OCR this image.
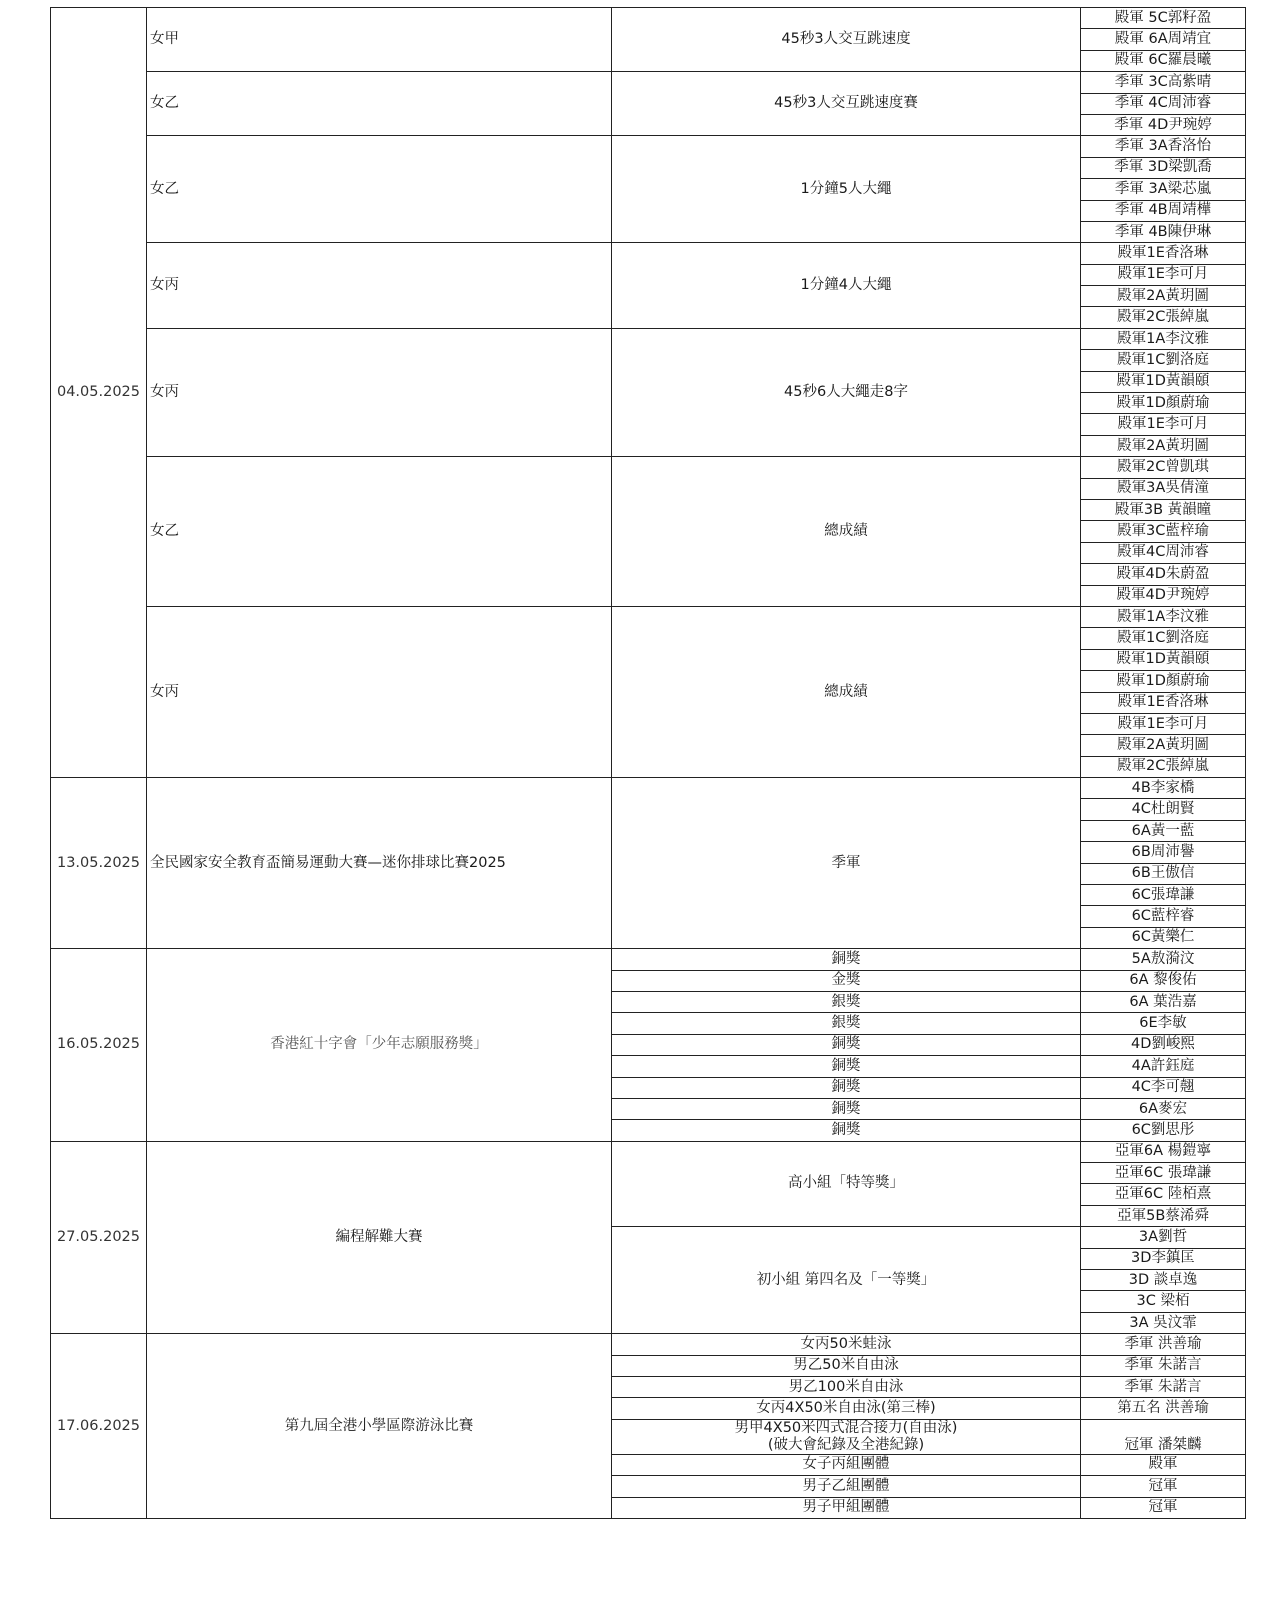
04.05.2025	女甲	45秒3人交互跳速度	殿軍 5C郭籽盈
			殿軍 6A周靖宜
			殿軍 6C羅晨曦
	女乙	45秒3人交互跳速度賽	季軍 3C高紫晴
			季軍 4C周沛睿
			季軍 4D尹琬婷
	女乙	1分鐘5人大繩	季軍 3A香洛怡
			季軍 3D梁凱喬
			季軍 3A梁芯嵐
			季軍 4B周靖樺
			季軍 4B陳伊琳
	女丙	1分鐘4人大繩	殿軍1E香洛琳
			殿軍1E李可月
			殿軍2A黃玥圖
			殿軍2C張綽嵐
	女丙	45秒6人大繩走8字	殿軍1A李汶雅
			殿軍1C劉洛庭
			殿軍1D黃韻頤
			殿軍1D顏蔚瑜
			殿軍1E李可月
			殿軍2A黃玥圖
	女乙	總成績	殿軍2C曾凱琪
			殿軍3A吳倩潼
			殿軍3B 黃韻曈
			殿軍3C藍梓瑜
			殿軍4C周沛睿
			殿軍4D朱蔚盈
			殿軍4D尹琬婷
	女丙	總成績	殿軍1A李汶雅
			殿軍1C劉洛庭
			殿軍1D黃韻頤
			殿軍1D顏蔚瑜
			殿軍1E香洛琳
			殿軍1E李可月
			殿軍2A黃玥圖
			殿軍2C張綽嵐
13.05.2025	全民國家安全教育盃簡易運動大賽—迷你排球比賽2025	季軍	4B李家橋
			4C杜朗賢
			6A黃一藍
			6B周沛譽
			6B王傲信
			6C張瑋謙
			6C藍梓睿
			6C黃樂仁
16.05.2025	香港紅十字會「少年志願服務獎」	銅獎	5A敖漪汶
		金獎	6A 黎俊佑
		銀獎	6A 葉浩嘉
		銀獎	6E李敏
		銅獎	4D劉峻熙
		銅獎	4A許鈺庭
		銅獎	4C李可翹
		銅獎	6A麥宏
		銅獎	6C劉思彤
27.05.2025	編程解難大賽	高小組「特等獎」	亞軍6A 楊鎧寧
			亞軍6C 張瑋謙
			亞軍6C 陸栢熹
			亞軍5B蔡浠舜
		初小組 第四名及「一等獎」	3A劉哲
			3D李鎮匡
			3D 談卓逸
			3C 梁栢
			3A 吳汶霏
17.06.2025	第九屆全港小學區際游泳比賽	女丙50米蛙泳	季軍 洪善瑜
		男乙50米自由泳	季軍 朱諾言
		男乙100米自由泳	季軍 朱諾言
		女丙4X50米自由泳(第三棒)	第五名 洪善瑜
		男甲4X50米四式混合接力(自由泳)
(破大會紀錄及全港紀錄)	冠軍 潘桀麟

		女子丙組團體	殿軍
		男子乙組團體	冠軍
		男子甲組團體	冠軍
